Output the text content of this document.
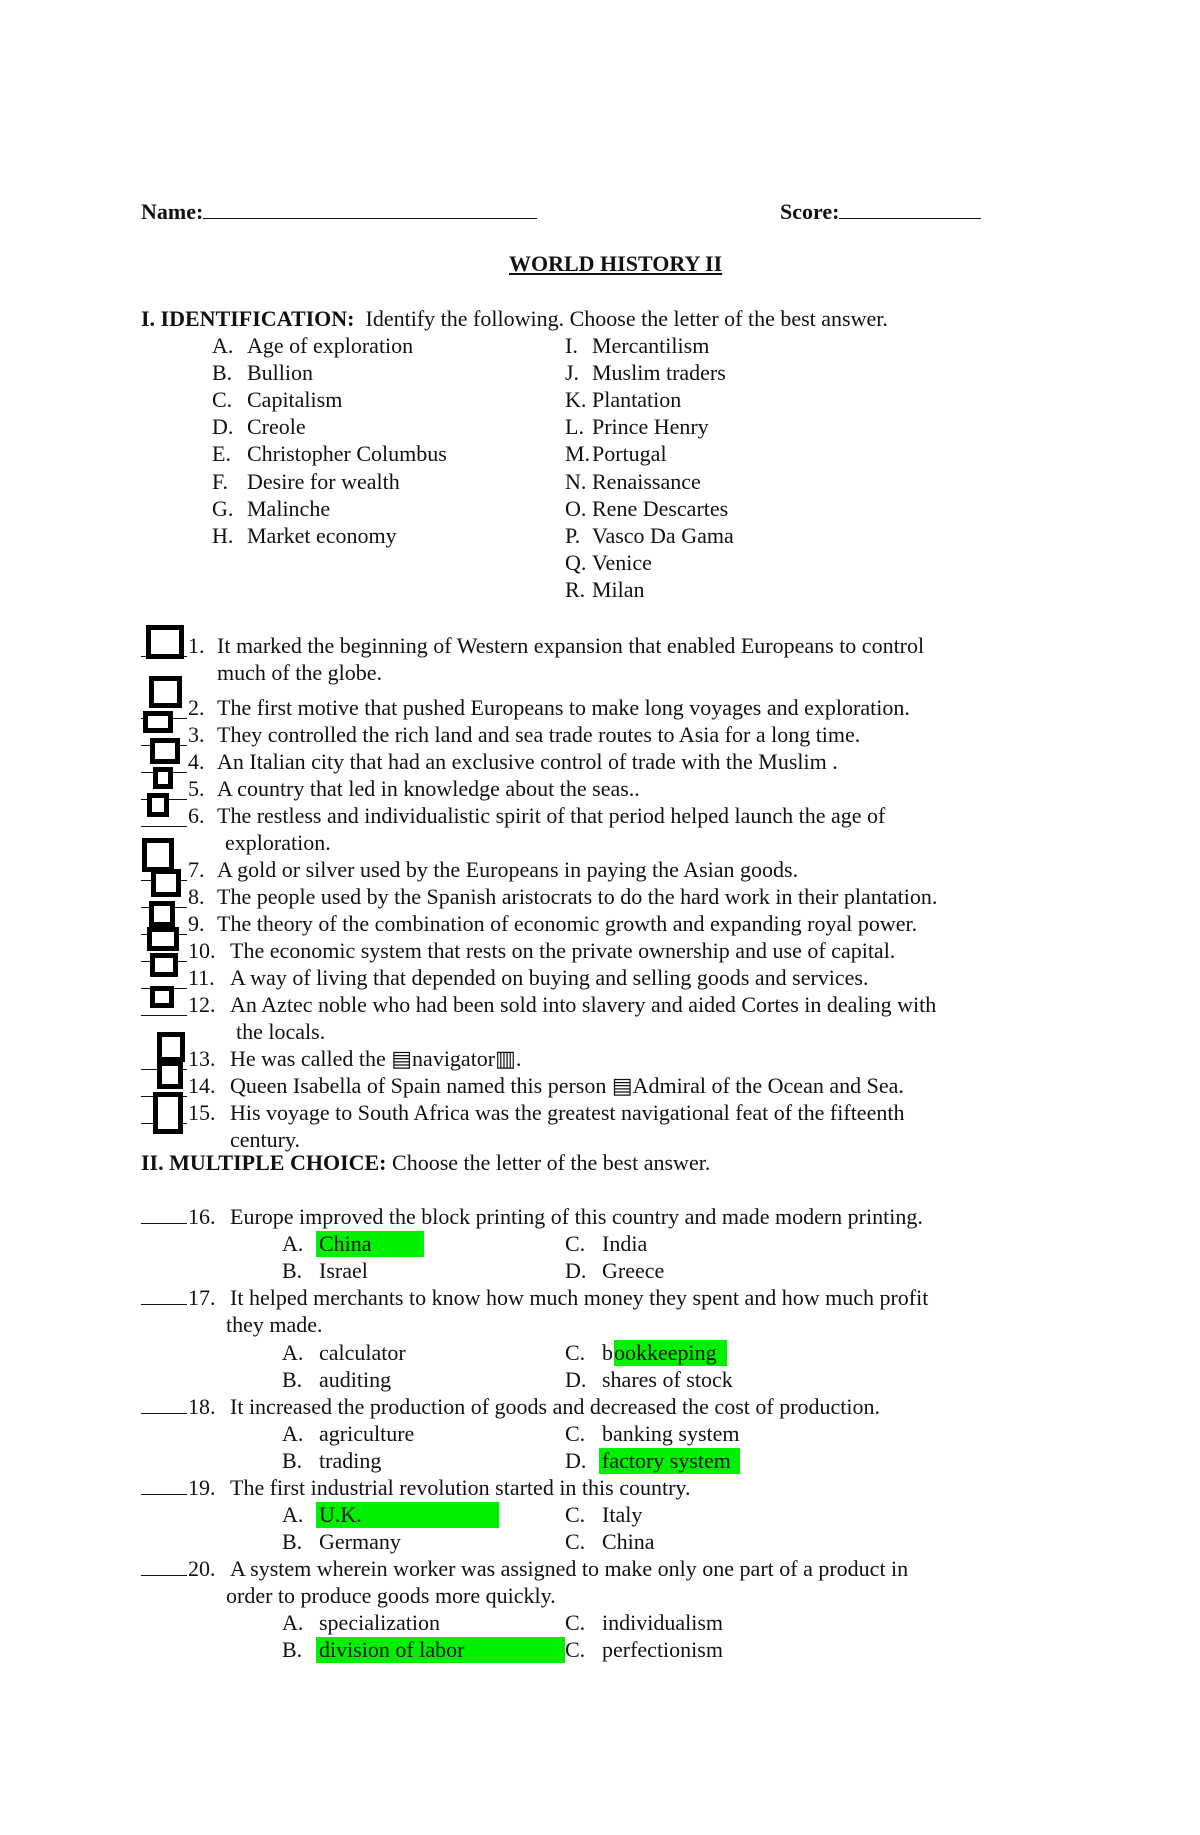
Name:	Score:
WORLD HISTORY II
I. IDENTIFICATION: Identify the following. Choose the letter of the best answer.
A. Age of exploration
B. Bullion
C. Capitalism
D. Creole
E. Christopher Columbus
F. Desire for wealth
G. Malinche
H. Market economy
I. Mercantilism
J. Muslim traders
K. Plantation
L. Prince Henry
M. Portugal
N. Renaissance
O. Rene Descartes
P. Vasco Da Gama
Q. Venice
R. Milan
1. It marked the beginning of Western expansion that enabled Europeans to control
much of the globe.
2. The first motive that pushed Europeans to make long voyages and exploration.
3. They controlled the rich land and sea trade routes to Asia for a long time.
4. An Italian city that had an exclusive control of trade with the Muslim .
5. A country that led in knowledge about the seas..
6. The restless and individualistic spirit of that period helped launch the age of
exploration.
7. A gold or silver used by the Europeans in paying the Asian goods.
8. The people used by the Spanish aristocrats to do the hard work in their plantation.
9. The theory of the combination of economic growth and expanding royal power.
10. The economic system that rests on the private ownership and use of capital.
11. A way of living that depended on buying and selling goods and services.
12. An Aztec noble who had been sold into slavery and aided Cortes in dealing with
the locals.
13. He was called the ▤navigator▥.
14. Queen Isabella of Spain named this person ▤Admiral of the Ocean and Sea.
15. His voyage to South Africa was the greatest navigational feat of the fifteenth
century.
II. MULTIPLE CHOICE: Choose the letter of the best answer.
16. Europe improved the block printing of this country and made modern printing.
A. China	C. India
B. Israel	D. Greece
17. It helped merchants to know how much money they spent and how much profit
they made.
A. calculator	C. b ookkeeping
B. auditing	D. shares of stock
18. It increased the production of goods and decreased the cost of production.
A. agriculture	C. banking system
B. trading	D. factory system
19. The first industrial revolution started in this country.
A. U.K.	C. Italy
B. Germany	C. China
20. A system wherein worker was assigned to make only one part of a product in
order to produce goods more quickly.
A. specialization	C. individualism
B. division of labor	C. perfectionism
